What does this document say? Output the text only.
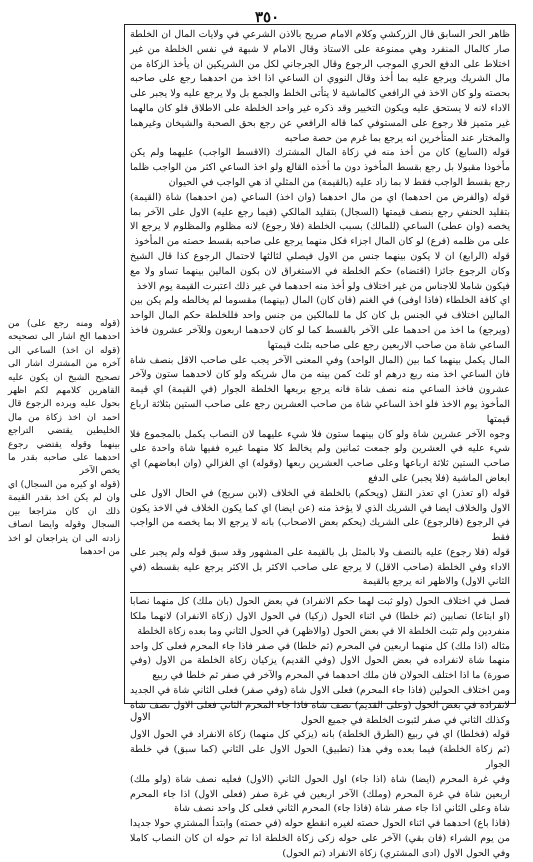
٣٥٠

ظاهر الحر السابق قال الزركشي وكلام الامام صريح بالاذن الشرعي في ولايات المال ان الخلطة صار كالمال المنفرد وهي ممنوعة على الاستاذ وقال الامام لا شبهة في نفس الخلطة من غير اختلاط على الدفع الحري الموجب الرجوع وقال الجرجاني لكل من الشريكين ان يأخذ الزكاة من مال الشريك ويرجع عليه بما أخذ وقال النووي ان الساعي اذا اخذ من احدهما رجع على صاحبه بحصته ولو كان الاخذ في الرافعي كالماشية لا يتأتى الخلط والجمع بل ولا يرجع عليه ولا يجبر على الاداء لانه لا يستحق عليه ويكون التخيير وقد ذكره غير واحد الخلطة على الاطلاق فلو كان مالهما غير متميز فلا رجوع على المستوفي كما قاله الرافعي عن رجع بحق الصحبة والشيخان وغيرهما والمختار عند المتأخرين انه يرجع بما غرم من حصة صاحبه

قوله (السابع) كان من أخذ منه في زكاة المال المشترك (الاقسط الواجب) عليهما ولم يكن مأخوذا مقبولا بل رجع بقسط المأخوذ دون ما أخذه القالع ولو اخذ الساعي اكثر من الواجب ظلما رجع بقسط الواجب فقط لا بما زاد عليه (بالقيمة) من المثلي اذ هي الواجب في الحيوان

قوله (والفرض من احدهما) اي من مال احدهما (وان اخذ) الساعي (من احدهما) شاة (القيمة) بتقليد الحنفي رجع بنصف قيمتها (السجال) بتقليد المالكي (فيما رجع عليه) الاول على الآخر بما يخصه (وان عطى) الساعي (للمالك) بسبب الخلطة (فلا رجوع) لانه مظلوم والمظلوم لا يرجع الا على من ظلمه (فرع) لو كان المال اجزاء فكل منهما يرجع على صاحبه بقسط حصته من المأخوذ

قوله (الرابع) ان لا يكون بينهما جنس من الاول فيصلي لثالثها لاحتمال الرجوع كذا قال الشيخ وكان الرجوع جائزا (اقتضاه) حكم الخلطة في الاستغراق لان بكون المالين بينهما تساو ولا مع فيكون شاملا للاجناس من غير اختلاف ولو أخذ منه احدهما في غير ذلك اعتبرت القيمة يوم الاخذ

اي كافة الخلطاء (فاذا اوفى) في الغنم (فان كان) المال (بينهما) مقسوما لم يخالطه ولم يكن بين المالين اختلاف في الجنس بل كان كل ما للمالكين من جنس واحد فللخلطة حكم المال الواحد (ويرجع) ما اخذ من احدهما على الآخر بالقسط كما لو كان لاحدهما اربعون وللآخر عشرون فاخذ الساعي شاة من صاحب الاربعين رجع على صاحبه بثلث قيمتها

المال يكمل بينهما كما بين (المال الواحد) وفي المعنى الآخر يجب على صاحب الاقل بنصف شاة فان الساعي اخذ منه ربع درهم او ثلث كمن بينه من مال شريكه ولو كان لاحدهما ستون ولآخر عشرون فاخذ الساعي منه نصف شاة فانه يرجع بربعها الخلطة الجوار (في القيمة) اي قيمة المأخوذ يوم الاخذ فلو اخذ الساعي شاة من صاحب العشرين رجع على صاحب الستين بثلاثة ارباع قيمتها

وجوه الآخر عشرين شاة ولو كان بينهما ستون فلا شيء عليهما لان النصاب يكمل بالمجموع فلا شيء عليه في العشرين ولو جمعت ثمانين ولم يخالط كلا منهما غيره ففيها شاة واحدة على صاحب الستين ثلاثة ارباعها وعلى صاحب العشرين ربعها (وقوله) اي الغزالي (وان ابعاضهم) اي ابعاض الماشية (فلا يجبر) على الدفع

قوله (او تعذر) اي تعذر النقل (ويحكم) بالخلطة في الخلاف (لابن سريج) في الحال الاول على الاول والخلاف ايضا في الشريك الذي لا يؤخذ منه (عن ايضا) اي كما يكون الخلاف في الاخذ يكون في الرجوع (فالرجوع) على الشريك (يحكم بعض الاصحاب) بانه لا يرجع الا بما يخصه من الواجب فقط

قوله (فلا رجوع) عليه بالنصف ولا بالمثل بل بالقيمة على المشهور وقد سبق قوله ولم يجبر على الاداء وفي الخلطة (صاحب الاقل) لا يرجع على صاحب الاكثر بل الاكثر يرجع عليه بقسطه (في الثاني الاول) والاظهر انه يرجع بالقيمة

فصل في اختلاف الحول (ولو ثبت لهما حكم الانفراد) في بعض الحول (بان ملك) كل منهما نصابا (او ابتاعا) نصابين (ثم خلطا) في اثناء الحول (زكيا) في الحول الاول (زكاة الانفراد) لانهما ملكا منفردين ولم تثبت الخلطة الا في بعض الحول (والاظهر) في الحول الثاني وما بعده زكاة الخلطة

مثاله (اذا ملك) كل منهما اربعين في المحرم (ثم خلطا) في صفر فاذا جاء المحرم فعلى كل واحد منهما شاة لانفراده في بعض الحول الاول (وفي القديم) يزكيان زكاة الخلطة من الاول (وفي صورة) ما اذا اختلف الحولان فان ملك احدهما في المحرم والآخر في صفر ثم خلطا في ربيع

ومن اختلاف الحولين (فاذا جاء المحرم) فعلى الاول شاة (وفي صفر) فعلى الثاني شاة في الجديد لانفراده في بعض الحول (وعلى القديم) نصف شاة فاذا جاء المحرم الثاني فعلى الاول نصف شاة وكذلك الثاني في صفر لثبوت الخلطة في جميع الحول

قوله (فخلطا) اي في ربيع (الطرق الخلطة) بانه (يزكي كل منهما) زكاة الانفراد في الحول الاول (ثم زكاة الخلطة) فيما بعده وفي هذا (تطبيق) الحول الاول على الثاني (كما سبق) في خلطة الجوار

وفي غرة المحرم (ايضا) شاة (اذا جاء) اول الحول الثاني (الاول) فعليه نصف شاة (ولو ملك) اربعين شاة في غرة المحرم (وملك) الآخر اربعين في غرة صفر (فعلى الاول) اذا جاء المحرم شاة وعلى الثاني اذا جاء صفر شاة (فاذا جاء) المحرم الثاني فعلى كل واحد نصف شاة

(فاذا باع) احدهما في اثناء الحول حصته لغيره انقطع حوله (في حصته) وابتدأ المشتري حولا جديدا من يوم الشراء (فان بقي) الآخر على حوله زكى زكاة الخلطة اذا تم حوله ان كان النصاب كاملا وفي الحول الاول (ادى المشتري) زكاة الانفراد (تم الحول)

(قوله ومنه رجع على) من احدهما الخ اشار الى تصحيحه (قوله ان اخذ) الساعي الى آخره من المشترك اشار الى تصحيح الشيخ ان يكون عليه القاهرين كلامهم لكم اظهر بحول عليه ويرده الرجوع قال احمد ان اخذ زكاة من مال الخليطين يقتضي التراجع بينهما وقوله يقتضي رجوع احدهما على صاحبه بقدر ما يخص الآخر

(قوله او كيره من السجال) اي وان لم يكن اخذ بقدر القيمة ذلك ان كان متراجعا بين السجال وقوله وايضا انصاف زادته الى ان يتراجعان لو اخذ من احدهما

الاول
